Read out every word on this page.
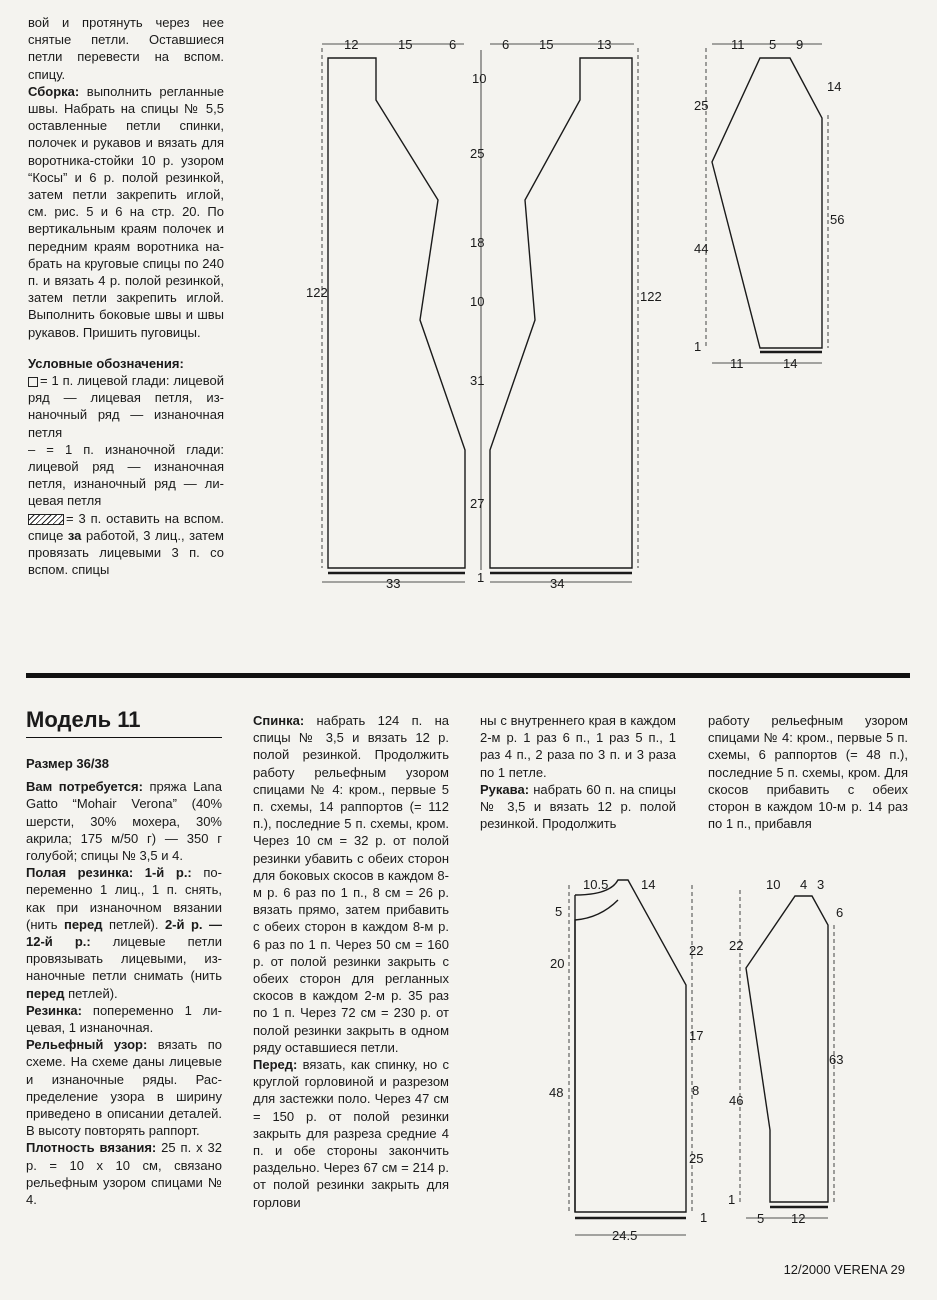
вой и протянуть через нее снятые петли. Оставшиеся петли перевести на вспом. спицу.

Сборка: выполнить регланные швы. Набрать на спицы № 5,5 оставленные петли спинки, полочек и рукавов и вязать для воротника-стойки 10 р. узором “Косы” и 6 р. полой резинкой, затем петли закрепить иглой, см. рис. 5 и 6 на стр. 20. По вертикальным краям полочек и передним краям воротника набрать на круговые спицы по 240 п. и вязать 4 р. полой резинкой, затем петли закрепить иглой. Выполнить боковые швы и швы рукавов. Пришить пуговицы.

Условные обозначения:

= 1 п. лицевой глади: лицевой ряд — лицевая петля, изнаночный ряд — изнаночная петля

– = 1 п. изнаночной глади: лицевой ряд — изнаночная петля, изнаночный ряд — лицевая петля

= 3 п. оставить на вспом. спице за работой, 3 лиц., затем провязать лицевыми 3 п. со вспом. спицы

12	15	6
122
33
10
25
18
10
31
27
1
6 15	13
122
34
11 5 9
25
44
1
14
56
11	14
10.5	14
5
20
48
22
17
8
25
1
24.5
10 4 3
22
46
1
6
63
5 12
Модель 11

Размер 36/38

Вам потребуется: пряжа Lana Gatto “Mohair Verona” (40% шерсти, 30% мохера, 30% акрила; 175 м/50 г) — 350 г голубой; спицы № 3,5 и 4.

Полая резинка: 1-й р.: попеременно 1 лиц., 1 п. снять, как при изнаночном вязании (нить перед петлей). 2-й р. — 12-й р.: лицевые петли провязывать лицевыми, изнаночные петли снимать (нить перед петлей).

Резинка: попеременно 1 лицевая, 1 изнаночная.

Рельефный узор: вязать по схеме. На схеме даны лицевые и изнаночные ряды. Распределение узора в ширину приведено в описании деталей. В высоту повторять раппорт.

Плотность вязания: 25 п. х 32 р. = 10 х 10 см, связано рельефным узором спицами № 4.

Спинка: набрать 124 п. на спицы № 3,5 и вязать 12 р. полой резинкой. Продолжить работу рельефным узором спицами № 4: кром., первые 5 п. схемы, 14 раппортов (= 112 п.), последние 5 п. схемы, кром. Через 10 см = 32 р. от полой резинки убавить с обеих сторон для боковых скосов в каждом 8-м р. 6 раз по 1 п., 8 см = 26 р. вязать прямо, затем прибавить с обеих сторон в каждом 8-м р. 6 раз по 1 п. Через 50 см = 160 р. от полой резинки закрыть с обеих сторон для регланных скосов в каждом 2-м р. 35 раз по 1 п. Через 72 см = 230 р. от полой резинки закрыть в одном ряду оставшиеся петли.

Перед: вязать, как спинку, но с круглой горловиной и разрезом для застежки поло. Через 47 см = 150 р. от полой резинки закрыть для разреза средние 4 п. и обе стороны закончить раздельно. Через 67 см = 214 р. от полой резинки закрыть для горлови

ны с внутреннего края в каждом 2-м р. 1 раз 6 п., 1 раз 5 п., 1 раз 4 п., 2 раза по 3 п. и 3 раза по 1 петле.

Рукава: набрать 60 п. на спицы № 3,5 и вязать 12 р. полой резинкой. Продолжить

работу рельефным узором спицами № 4: кром., первые 5 п. схемы, 6 раппортов (= 48 п.), последние 5 п. схемы, кром. Для скосов прибавить с обеих сторон в каждом 10-м р. 14 раз по 1 п., прибавля

12/2000 VERENA 29
